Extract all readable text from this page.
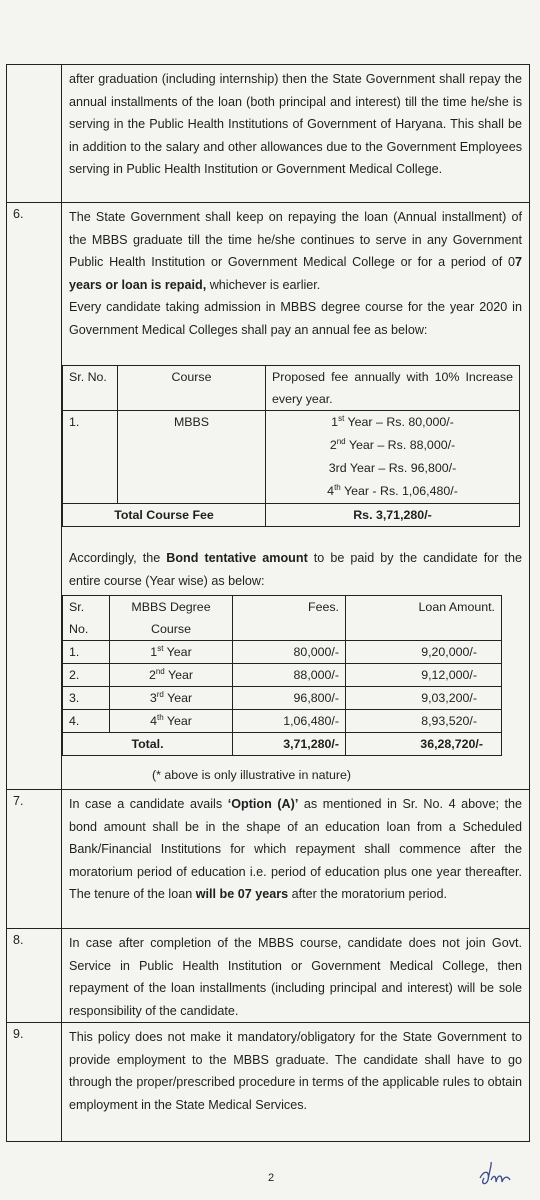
after graduation (including internship) then the State Government shall repay the annual installments of the loan (both principal and interest) till the time he/she is serving in the Public Health Institutions of Government of Haryana. This shall be in addition to the salary and other allowances due to the Government Employees serving in Public Health Institution or Government Medical College.

6.	The State Government shall keep on repaying the loan (Annual installment) of the MBBS graduate till the time he/she continues to serve in any Government Public Health Institution or Government Medical College or for a period of 07 years or loan is repaid, whichever is earlier.

Every candidate taking admission in MBBS degree course for the year 2020 in Government Medical Colleges shall pay an annual fee as below:

Sr. No.	Course	Proposed fee annually with 10% Increase every year.
1.	MBBS	1st Year – Rs. 80,000/-
2nd Year – Rs. 88,000/-
3rd Year – Rs. 96,800/-
4th Year - Rs. 1,06,480/-

Total Course Fee		Rs. 3,71,280/-

Accordingly, the Bond tentative amount to be paid by the candidate for the entire course (Year wise) as below:

Sr. No.	MBBS Degree Course	Fees.	Loan Amount.
1.	1st Year	80,000/-	9,20,000/-
2.	2nd Year	88,000/-	9,12,000/-
3.	3rd Year	96,800/-	9,03,200/-
4.	4th Year	1,06,480/-	8,93,520/-
Total.		3,71,280/-	36,28,720/-
(* above is only illustrative in nature)
7.	In case a candidate avails ‘Option (A)’ as mentioned in Sr. No. 4 above; the bond amount shall be in the shape of an education loan from a Scheduled Bank/Financial Institutions for which repayment shall commence after the moratorium period of education i.e. period of education plus one year thereafter. The tenure of the loan will be 07 years after the moratorium period.

8.	In case after completion of the MBBS course, candidate does not join Govt. Service in Public Health Institution or Government Medical College, then repayment of the loan installments (including principal and interest) will be sole responsibility of the candidate.

9.	This policy does not make it mandatory/obligatory for the State Government to provide employment to the MBBS graduate. The candidate shall have to go through the proper/prescribed procedure in terms of the applicable rules to obtain employment in the State Medical Services.

2
